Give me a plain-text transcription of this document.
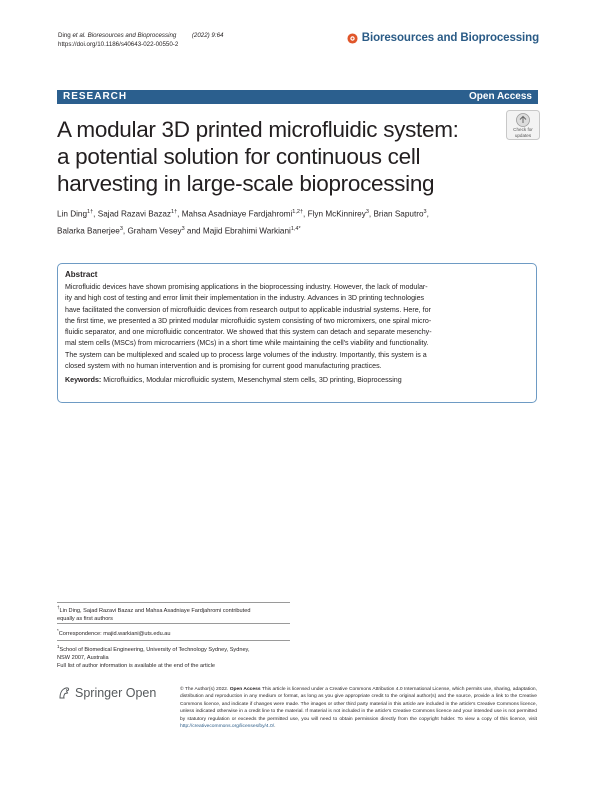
Ding et al. Bioresources and Bioprocessing (2022) 9:64
https://doi.org/10.1186/s40643-022-00550-2
Bioresources and Bioprocessing
RESEARCH	Open Access
A modular 3D printed microfluidic system:
a potential solution for continuous cell
harvesting in large-scale bioprocessing
Check for
updates
Lin Ding$^{1\dagger}$, Sajad Razavi Bazaz$^{1\dagger}$, Mahsa Asadniaye Fardjahromi$^{1,2\dagger}$, Flyn McKinnirey$^3$, Brian Saputro$^3$,
Balarka Banerjee$^3$, Graham Vesey$^3$ and Majid Ebrahimi Warkiani$^{1,4*}$
Abstract
Microfluidic devices have shown promising applications in the bioprocessing industry. However, the lack of modular-
ity and high cost of testing and error limit their implementation in the industry. Advances in 3D printing technologies
have facilitated the conversion of microfluidic devices from research output to applicable industrial systems. Here, for
the first time, we presented a 3D printed modular microfluidic system consisting of two micromixers, one spiral micro-
fluidic separator, and one microfluidic concentrator. We showed that this system can detach and separate mesenchy-
mal stem cells (MSCs) from microcarriers (MCs) in a short time while maintaining the cell's viability and functionality.
The system can be multiplexed and scaled up to process large volumes of the industry. Importantly, this system is a
closed system with no human intervention and is promising for current good manufacturing practices.
Keywords: Microfluidics, Modular microfluidic system, Mesenchymal stem cells, 3D printing, Bioprocessing
†Lin Ding, Sajad Razavi Bazaz and Mahsa Asadniaye Fardjahromi contributed
equally as first authors
*Correspondence: majid.warkiani@uts.edu.au
$^1$School of Biomedical Engineering, University of Technology Sydney, Sydney,
NSW 2007, Australia
Full list of author information is available at the end of the article
Springer Open	© The Author(s) 2022. Open Access This article is licensed under a Creative Commons Attribution 4.0 International License, which permits use, sharing, adaptation, distribution and reproduction in any medium or format, as long as you give appropriate credit to the original author(s) and the source, provide a link to the Creative Commons licence, and indicate if changes were made. The images or other third party material in this article are included in the article's Creative Commons licence, unless indicated otherwise in a credit line to the material. If material is not included in the article's Creative Commons licence and your intended use is not permitted by statutory regulation or exceeds the permitted use, you will need to obtain permission directly from the copyright holder. To view a copy of this licence, visit http://creativecommons.org/licenses/by/4.0/.
